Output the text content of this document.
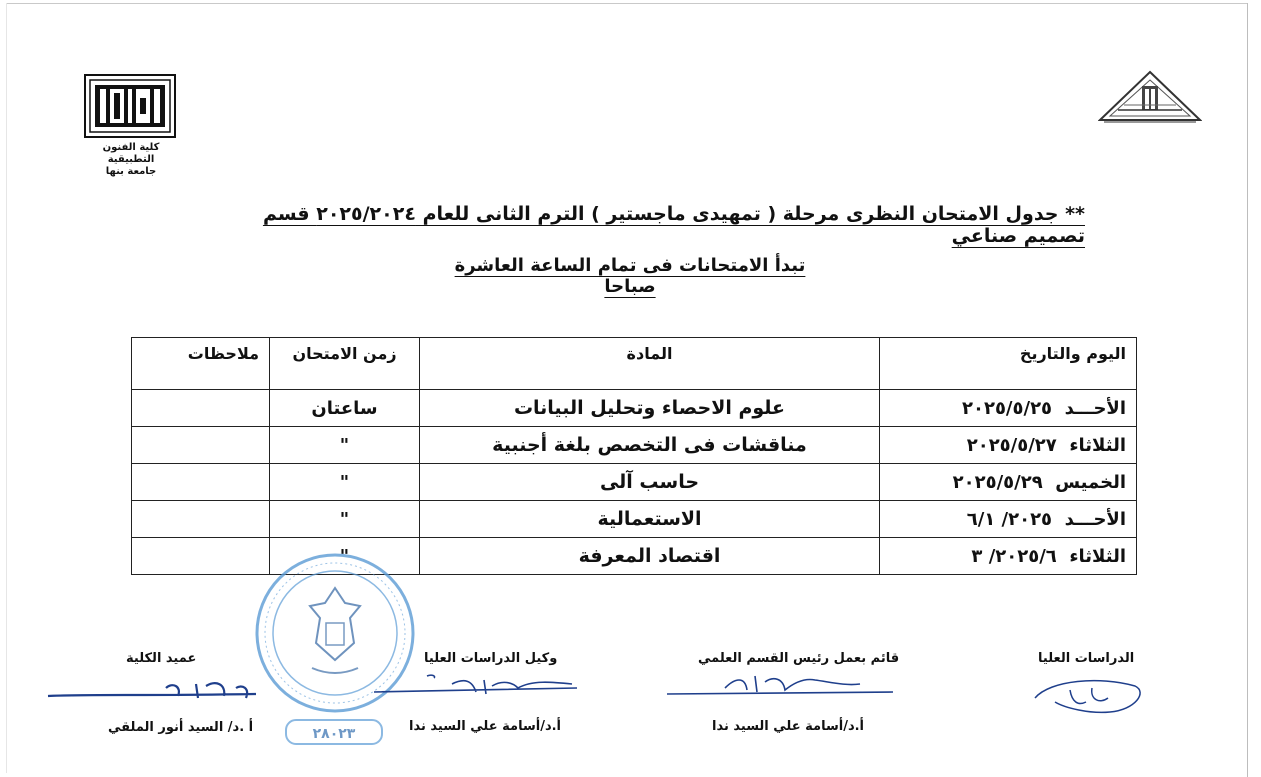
كلية الفنون التطبيقية
جامعة بنها
** جدول الامتحان النظرى مرحلة ( تمهيدى ماجستير ) الترم الثانى للعام ٢٠٢٥/٢٠٢٤ قسم تصميم صناعي
تبدأ الامتحانات فى تمام الساعة العاشرة صباحا
اليوم والتاريخ	المادة	زمن الامتحان	ملاحظات
الأحـــد  ٢٠٢٥/٥/٢٥	علوم الاحصاء وتحليل البيانات	ساعتان	
الثلاثاء  ٢٠٢٥/٥/٢٧	مناقشات فى التخصص بلغة أجنبية	"	
الخميس  ٢٠٢٥/٥/٢٩	حاسب آلى	"	
الأحـــد  ٢٠٢٥/ ٦/١	الاستعمالية	"	
الثلاثاء  ٢٠٢٥/٦/ ٣	اقتصاد المعرفة	"	
٢٨٠٢٣
الدراسات العليا
قائم بعمل رئيس القسم العلمي
أ.د/أسامة علي السيد ندا
وكيل الدراسات العليا
أ.د/أسامة علي السيد ندا
عميد الكلية
أ .د/ السيد أنور الملقي
